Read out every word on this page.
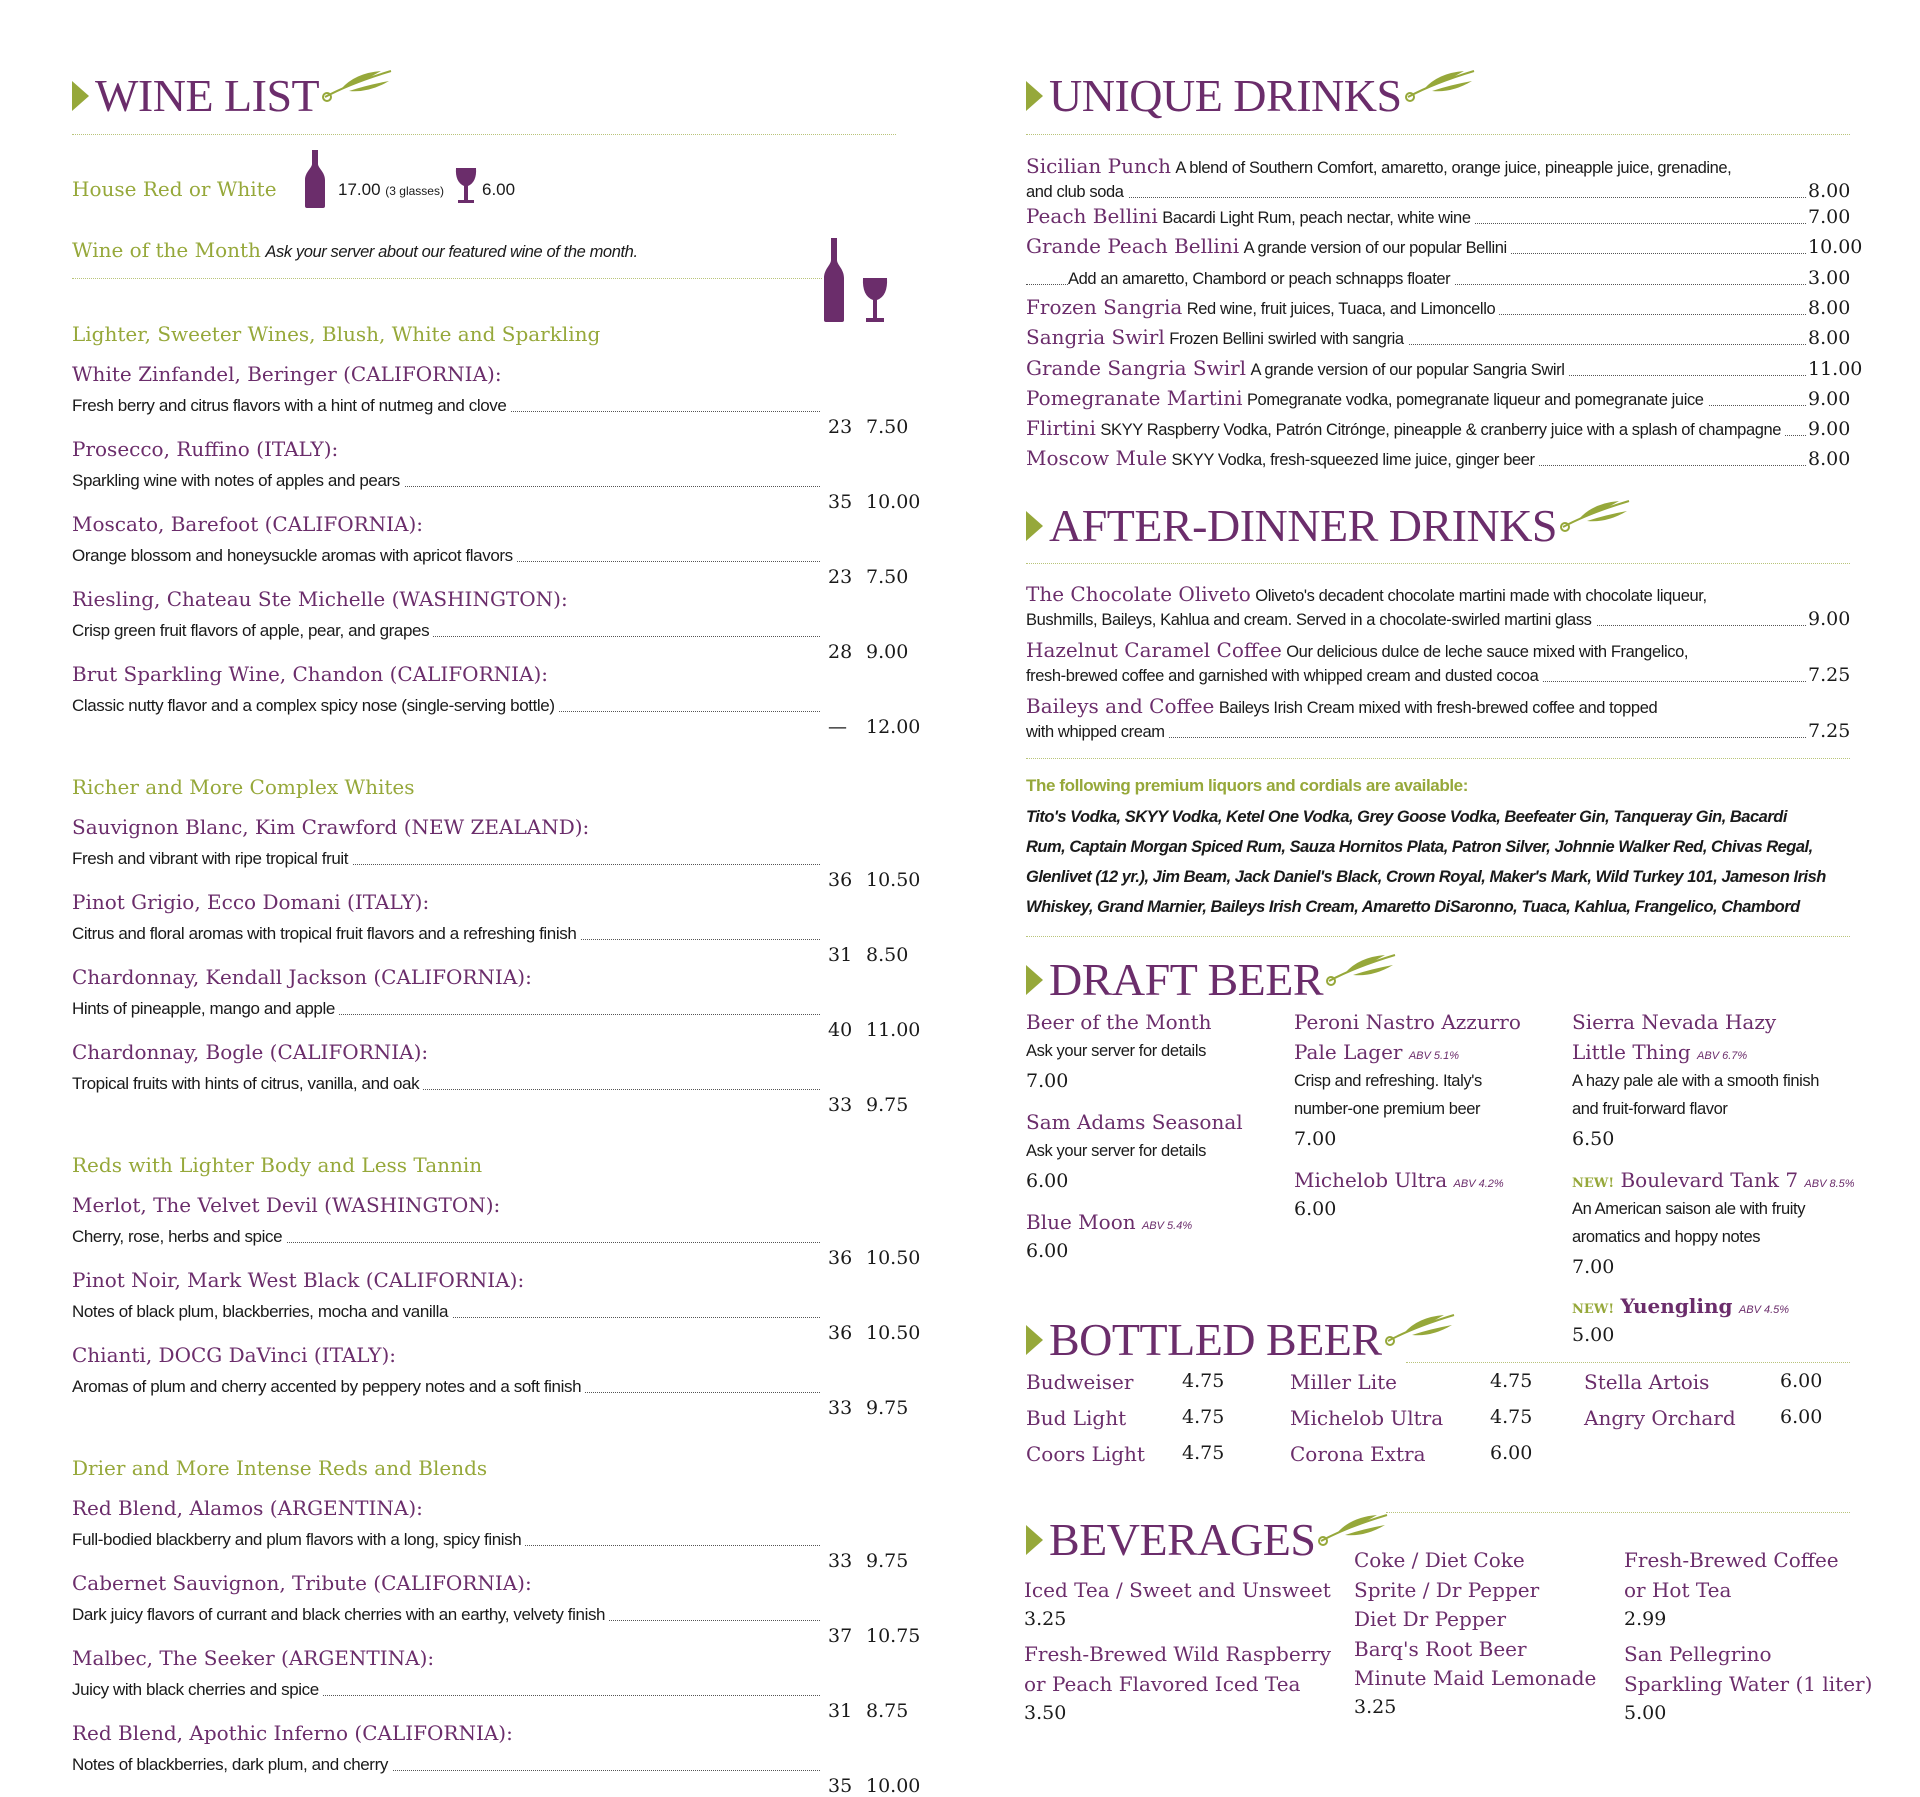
WINE LIST
House Red or White	17.00 (3 glasses) 6.00
Wine of the Month Ask your server about our featured wine of the month.
Lighter, Sweeter Wines, Blush, White and Sparkling
White Zinfandel, Beringer (CALIFORNIA):
Fresh berry and citrus flavors with a hint of nutmeg and clove
23 7.50
Prosecco, Ruffino (ITALY):
Sparkling wine with notes of apples and pears
35 10.00
Moscato, Barefoot (CALIFORNIA):
Orange blossom and honeysuckle aromas with apricot flavors
23 7.50
Riesling, Chateau Ste Michelle (WASHINGTON):
Crisp green fruit flavors of apple, pear, and grapes
28 9.00
Brut Sparkling Wine, Chandon (CALIFORNIA):
Classic nutty flavor and a complex spicy nose (single-serving bottle)
— 12.00
Richer and More Complex Whites
Sauvignon Blanc, Kim Crawford (NEW ZEALAND):
Fresh and vibrant with ripe tropical fruit
36 10.50
Pinot Grigio, Ecco Domani (ITALY):
Citrus and floral aromas with tropical fruit flavors and a refreshing finish
31 8.50
Chardonnay, Kendall Jackson (CALIFORNIA):
Hints of pineapple, mango and apple
40 11.00
Chardonnay, Bogle (CALIFORNIA):
Tropical fruits with hints of citrus, vanilla, and oak
33 9.75
Reds with Lighter Body and Less Tannin
Merlot, The Velvet Devil (WASHINGTON):
Cherry, rose, herbs and spice
36 10.50
Pinot Noir, Mark West Black (CALIFORNIA):
Notes of black plum, blackberries, mocha and vanilla
36 10.50
Chianti, DOCG DaVinci (ITALY):
Aromas of plum and cherry accented by peppery notes and a soft finish
33 9.75
Drier and More Intense Reds and Blends
Red Blend, Alamos (ARGENTINA):
Full-bodied blackberry and plum flavors with a long, spicy finish
33 9.75
Cabernet Sauvignon, Tribute (CALIFORNIA):
Dark juicy flavors of currant and black cherries with an earthy, velvety finish
37 10.75
Malbec, The Seeker (ARGENTINA):
Juicy with black cherries and spice
31 8.75
Red Blend, Apothic Inferno (CALIFORNIA):
Notes of blackberries, dark plum, and cherry
35 10.00
UNIQUE DRINKS
Sicilian Punch A blend of Southern Comfort, amaretto, orange juice, pineapple juice, grenadine,
and club soda	8.00
Peach Bellini Bacardi Light Rum, peach nectar, white wine	7.00
Grande Peach Bellini A grande version of our popular Bellini	10.00
Add an amaretto, Chambord or peach schnapps floater	3.00
Frozen Sangria Red wine, fruit juices, Tuaca, and Limoncello	8.00
Sangria Swirl Frozen Bellini swirled with sangria	8.00
Grande Sangria Swirl A grande version of our popular Sangria Swirl	11.00
Pomegranate Martini Pomegranate vodka, pomegranate liqueur and pomegranate juice	9.00
Flirtini SKYY Raspberry Vodka, Patrón Citrónge, pineapple & cranberry juice with a splash of champagne 9.00
Moscow Mule SKYY Vodka, fresh-squeezed lime juice, ginger beer	8.00
AFTER-DINNER DRINKS
The Chocolate Oliveto Oliveto's decadent chocolate martini made with chocolate liqueur,
Bushmills, Baileys, Kahlua and cream. Served in a chocolate-swirled martini glass	9.00
Hazelnut Caramel Coffee Our delicious dulce de leche sauce mixed with Frangelico,
fresh-brewed coffee and garnished with whipped cream and dusted cocoa	7.25
Baileys and Coffee Baileys Irish Cream mixed with fresh-brewed coffee and topped
with whipped cream	7.25
The following premium liquors and cordials are available:
Tito's Vodka, SKYY Vodka, Ketel One Vodka, Grey Goose Vodka, Beefeater Gin, Tanqueray Gin, Bacardi
Rum, Captain Morgan Spiced Rum, Sauza Hornitos Plata, Patron Silver, Johnnie Walker Red, Chivas Regal,
Glenlivet (12 yr.), Jim Beam, Jack Daniel's Black, Crown Royal, Maker's Mark, Wild Turkey 101, Jameson Irish
Whiskey, Grand Marnier, Baileys Irish Cream, Amaretto DiSaronno, Tuaca, Kahlua, Frangelico, Chambord
DRAFT BEER
Beer of the Month
Ask your server for details
7.00
Sam Adams Seasonal
Ask your server for details
6.00
Blue Moon ABV 5.4%
6.00
Peroni Nastro Azzurro
Pale Lager ABV 5.1%
Crisp and refreshing. Italy's
number-one premium beer
7.00
Michelob Ultra ABV 4.2%
6.00
Sierra Nevada Hazy
Little Thing ABV 6.7%
A hazy pale ale with a smooth finish
and fruit-forward flavor
6.50
NEW! Boulevard Tank 7 ABV 8.5%
An American saison ale with fruity
aromatics and hoppy notes
7.00
NEW! Yuengling ABV 4.5%
5.00
BOTTLED BEER
Budweiser	4.75
Bud Light	4.75
Coors Light 4.75
Miller Lite	4.75
Michelob Ultra 4.75
Corona Extra	6.00
Stella Artois	6.00
Angry Orchard 6.00
BEVERAGES
Iced Tea / Sweet and Unsweet
3.25
Fresh-Brewed Wild Raspberry
or Peach Flavored Iced Tea
3.50
Coke / Diet Coke
Sprite / Dr Pepper
Diet Dr Pepper
Barq's Root Beer
Minute Maid Lemonade
3.25
Fresh-Brewed Coffee
or Hot Tea
2.99
San Pellegrino
Sparkling Water (1 liter)
5.00
